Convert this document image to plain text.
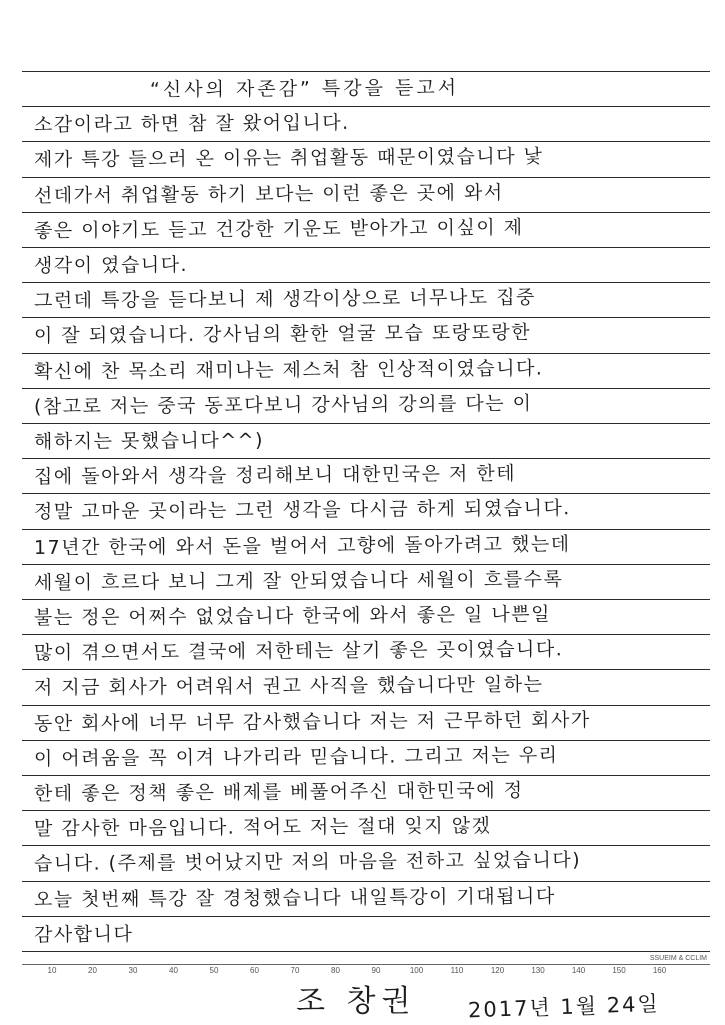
“신사의 자존감” 특강을 듣고서
소감이라고 하면 참 잘 왔어입니다.
제가 특강 들으러 온 이유는 취업활동 때문이였습니다 낯
선데가서 취업활동 하기 보다는 이런 좋은 곳에 와서
좋은 이야기도 듣고 건강한 기운도 받아가고 이싶이 제
생각이 였습니다.
그런데 특강을 듣다보니 제 생각이상으로 너무나도 집중
이 잘 되였습니다. 강사님의 환한 얼굴 모습 또랑또랑한
확신에 찬 목소리 재미나는 제스처 참 인상적이였습니다.
(참고로 저는 중국 동포다보니 강사님의 강의를 다는 이
해하지는 못했습니다^^)
집에 돌아와서 생각을 정리해보니 대한민국은 저 한테
정말 고마운 곳이라는 그런 생각을 다시금 하게 되였습니다.
17년간 한국에 와서 돈을 벌어서 고향에 돌아가려고 했는데
세월이 흐르다 보니 그게 잘 안되였습니다 세월이 흐를수록
불는 정은 어쩌수 없었습니다 한국에 와서 좋은 일 나쁜일
많이 겪으면서도 결국에 저한테는 살기 좋은 곳이였습니다.
저 지금 회사가 어려워서 권고 사직을 했습니다만 일하는
동안 회사에 너무 너무 감사했습니다 저는 저 근무하던 회사가
이 어려움을 꼭 이겨 나가리라 믿습니다. 그리고 저는 우리
한테 좋은 정책 좋은 배제를 베풀어주신 대한민국에 정
말 감사한 마음입니다. 적어도 저는 절대 잊지 않겠
습니다. (주제를 벗어났지만 저의 마음을 전하고 싶었습니다)
오늘 첫번째 특강 잘 경청했습니다 내일특강이 기대됩니다
감사합니다
10	20	30	40	50	60	70	80	90	100	110	120	130	140	150	160
SSUEIM & CCLIM
조 창권 2017년 1월 24일
